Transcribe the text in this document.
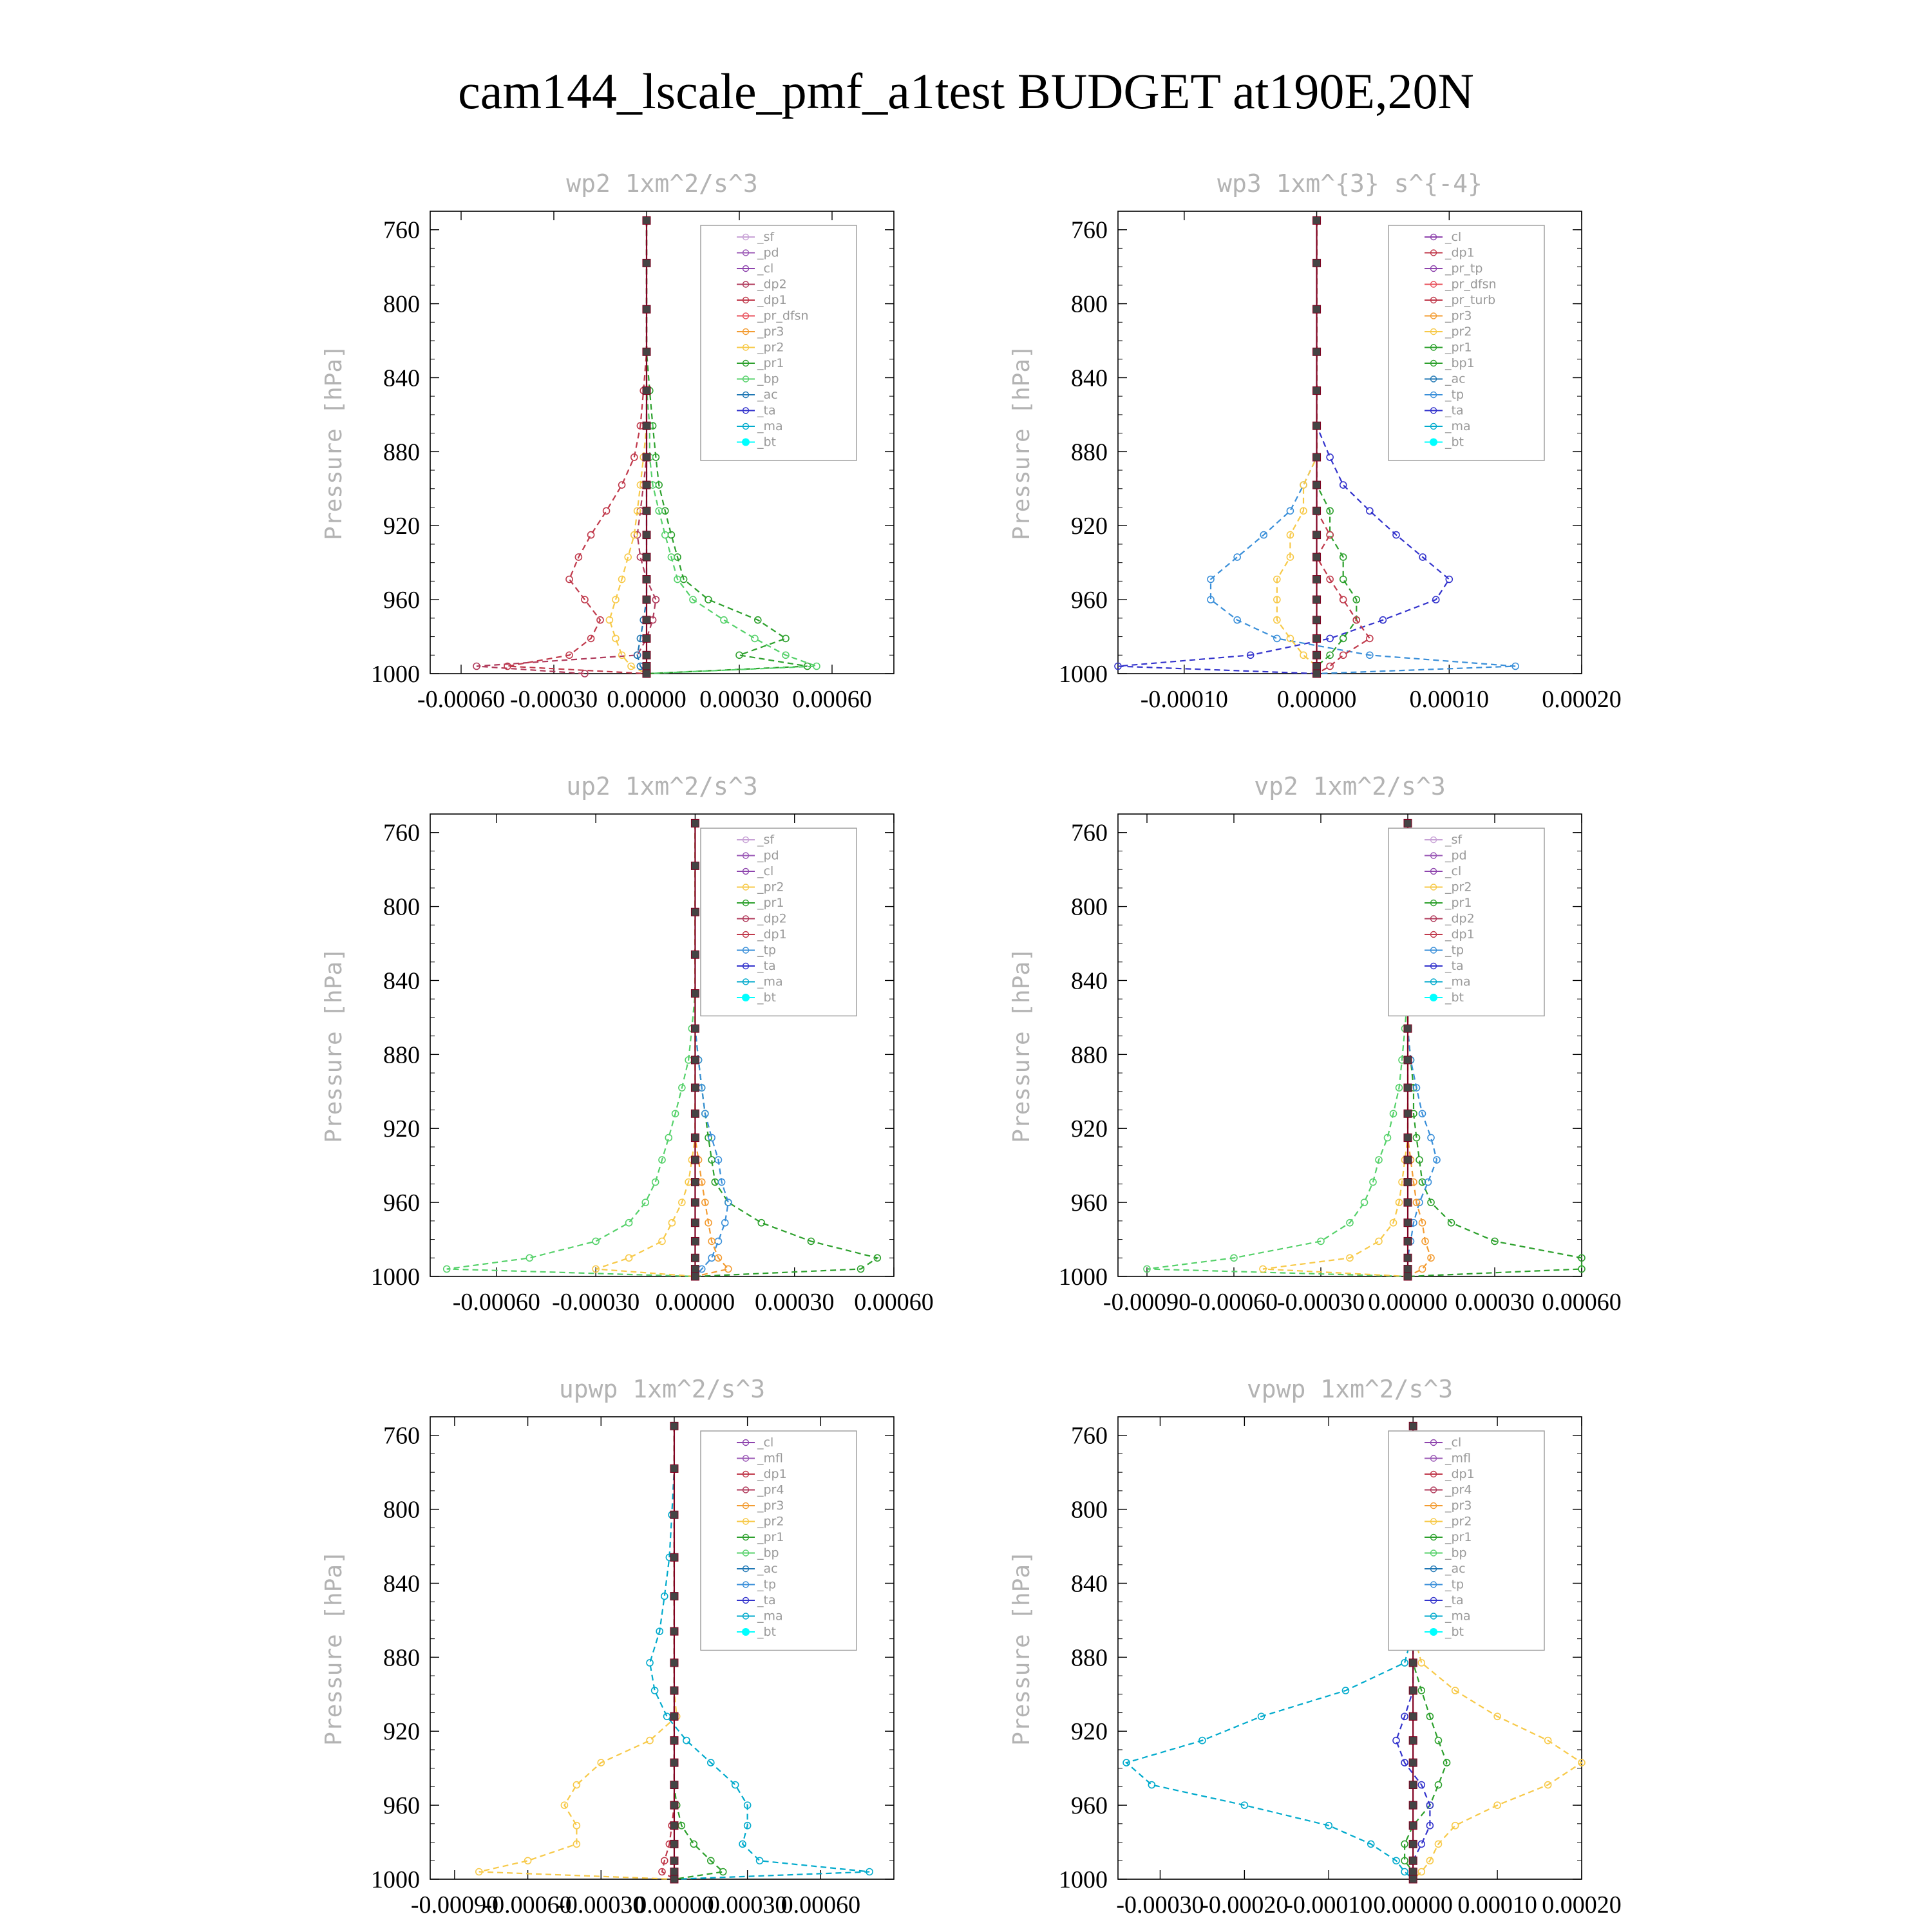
cam144_lscale_pmf_a1test BUDGET at190E,20N
wp2 1xm^2/s^3
Pressure [hPa]
760
800
840
880
920
960
1000
-0.00060 -0.00030 0.00000 0.00030 0.00060
_sf
_pd
_cl
_dp2
_dp1
_pr_dfsn
_pr3
_pr2
_pr1
_bp
_ac
_ta
_ma
_bt
wp3 1xm^{3} s^{-4}
Pressure [hPa]
760
800
840
880
920
960
1000
-0.00010 0.00000 0.00010 0.00020
_cl
_dp1
_pr_tp
_pr_dfsn
_pr_turb
_pr3
_pr2
_pr1
_bp1
_ac
_tp
_ta
_ma
_bt
up2 1xm^2/s^3
Pressure [hPa]
760
800
840
880
920
960
1000
-0.00060 -0.00030 0.00000 0.00030 0.00060
_sf
_pd
_cl
_pr2
_pr1
_dp2
_dp1
_tp
_ta
_ma
_bt
vp2 1xm^2/s^3
Pressure [hPa]
760
800
840
880
920
960
1000
-0.00090
-0.00060
-0.00030 0.00000 0.00030 0.00060
_sf
_pd
_cl
_pr2
_pr1
_dp2
_dp1
_tp
_ta
_ma
_bt
upwp 1xm^2/s^3
Pressure [hPa]
760
800
840
880
920
960
1000
-0.00090
-0.00060
-0.00030
0.00000
0.00030
0.00060
_cl
_mfl
_dp1
_pr4
_pr3
_pr2
_pr1
_bp
_ac
_tp
_ta
_ma
_bt
vpwp 1xm^2/s^3
Pressure [hPa]
760
800
840
880
920
960
1000
-0.00030
-0.00020
-0.00010 0.00000 0.00010 0.00020
_cl
_mfl
_dp1
_pr4
_pr3
_pr2
_pr1
_bp
_ac
_tp
_ta
_ma
_bt
